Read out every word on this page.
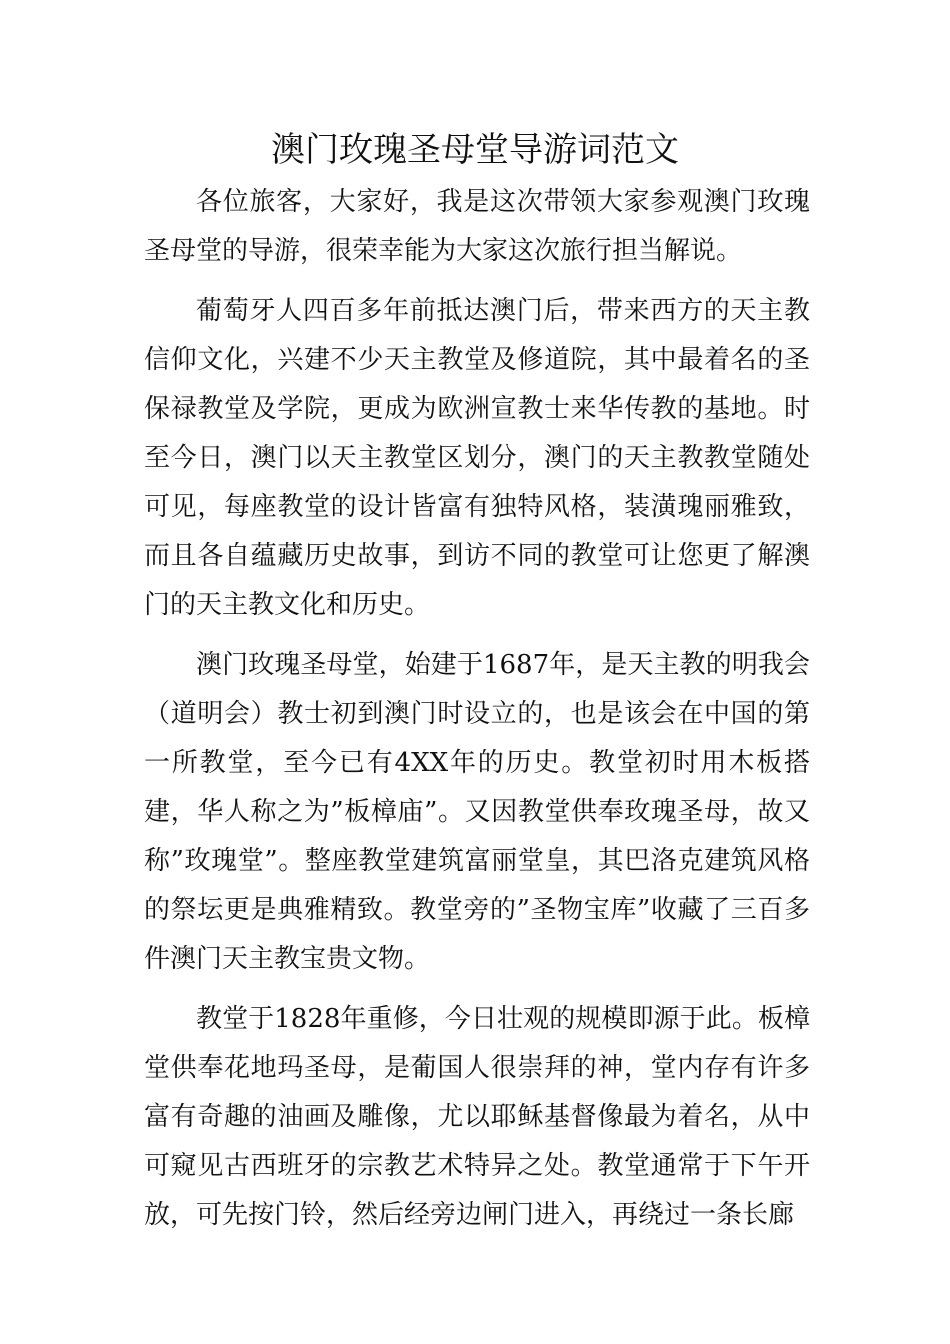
澳门玫瑰圣母堂导游词范文

各位旅客，大家好，我是这次带领大家参观澳门玫瑰圣母堂的导游，很荣幸能为大家这次旅行担当解说。

葡萄牙人四百多年前抵达澳门后，带来西方的天主教信仰文化，兴建不少天主教堂及修道院，其中最着名的圣保禄教堂及学院，更成为欧洲宣教士来华传教的基地。时至今日，澳门以天主教堂区划分，澳门的天主教教堂随处可见，每座教堂的设计皆富有独特风格，装潢瑰丽雅致，而且各自蕴藏历史故事，到访不同的教堂可让您更了解澳门的天主教文化和历史。

澳门玫瑰圣母堂，始建于1687年，是天主教的明我会（道明会）教士初到澳门时设立的，也是该会在中国的第一所教堂，至今已有4XX年的历史。教堂初时用木板搭建，华人称之为”板樟庙”。又因教堂供奉玫瑰圣母，故又称”玫瑰堂”。整座教堂建筑富丽堂皇，其巴洛克建筑风格的祭坛更是典雅精致。教堂旁的”圣物宝库”收藏了三百多件澳门天主教宝贵文物。

教堂于1828年重修，今日壮观的规模即源于此。板樟堂供奉花地玛圣母，是葡国人很崇拜的神，堂内存有许多富有奇趣的油画及雕像，尤以耶稣基督像最为着名，从中可窥见古西班牙的宗教艺术特异之处。教堂通常于下午开放，可先按门铃，然后经旁边闸门进入，再绕过一条长廊
